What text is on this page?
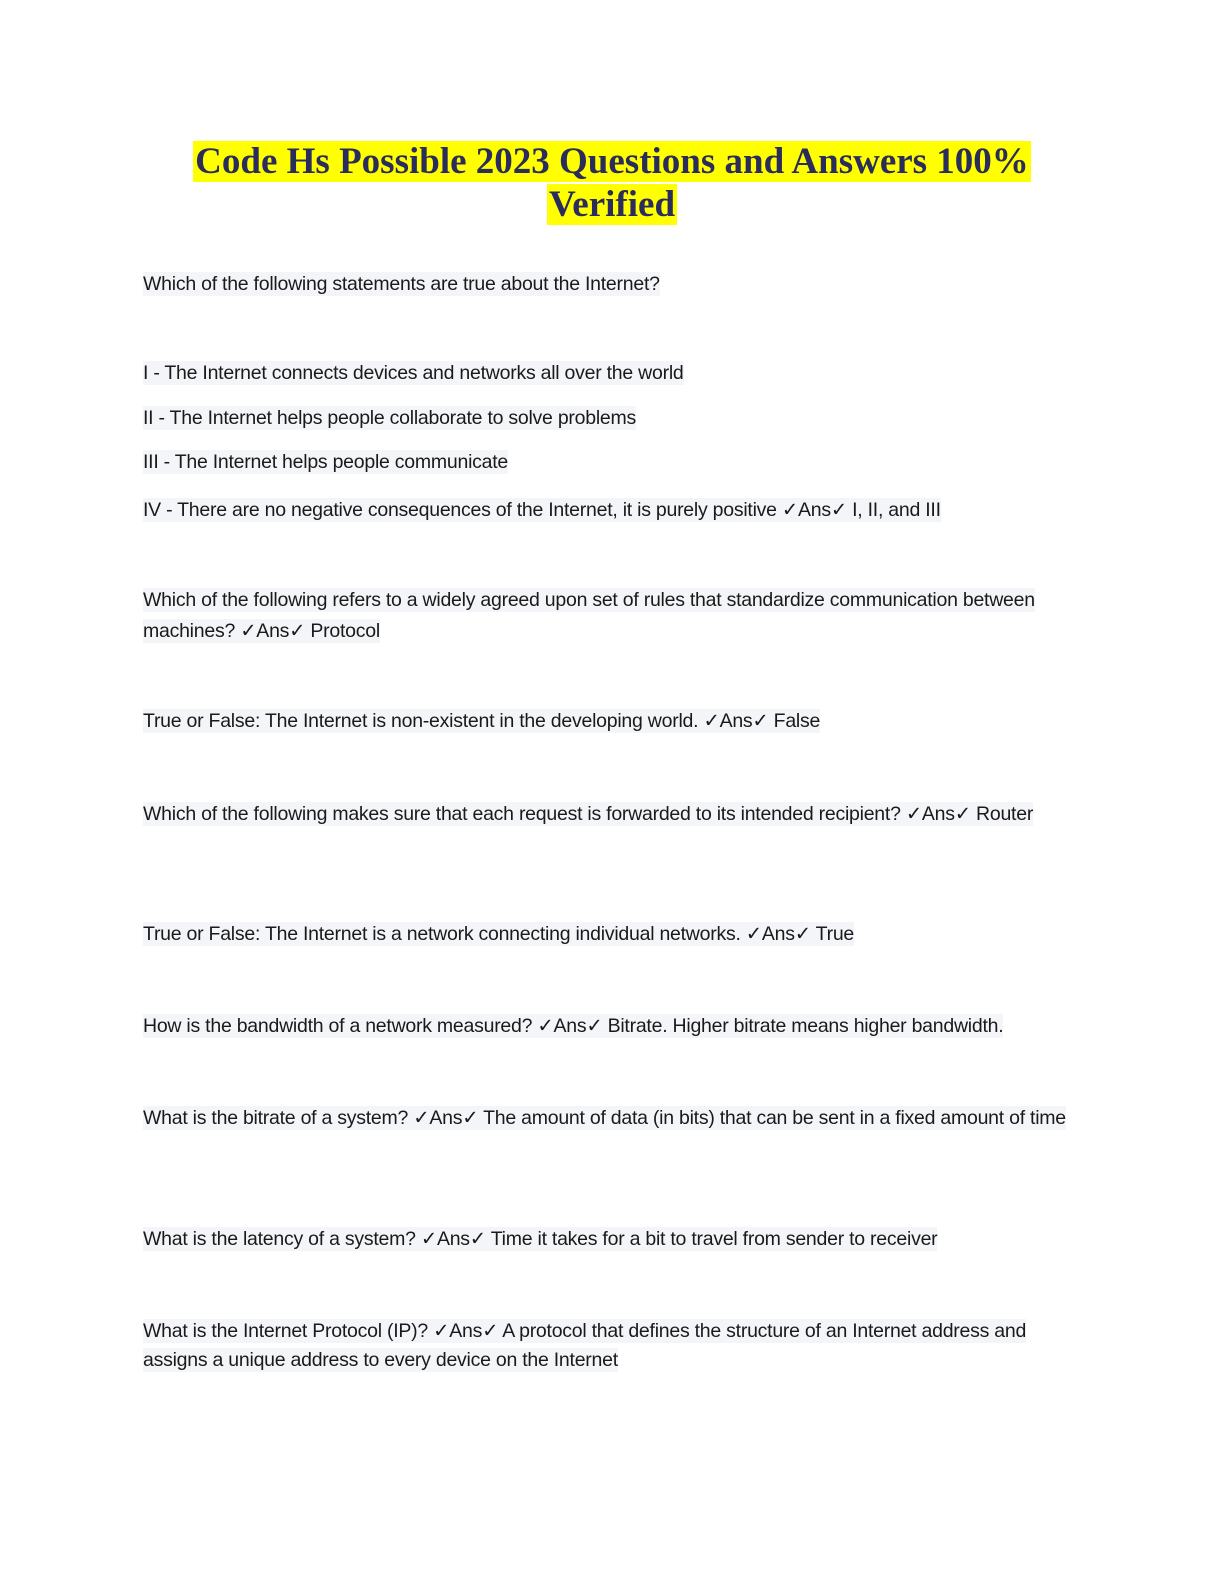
Code Hs Possible 2023 Questions and Answers 100%
Verified
Which of the following statements are true about the Internet?
I - The Internet connects devices and networks all over the world
II - The Internet helps people collaborate to solve problems
III - The Internet helps people communicate
IV - There are no negative consequences of the Internet, it is purely positive ✓Ans✓ I, II, and III
Which of the following refers to a widely agreed upon set of rules that standardize communication between machines? ✓Ans✓ Protocol
True or False: The Internet is non-existent in the developing world. ✓Ans✓ False
Which of the following makes sure that each request is forwarded to its intended recipient? ✓Ans✓ Router
True or False: The Internet is a network connecting individual networks. ✓Ans✓ True
How is the bandwidth of a network measured? ✓Ans✓ Bitrate. Higher bitrate means higher bandwidth.
What is the bitrate of a system? ✓Ans✓ The amount of data (in bits) that can be sent in a fixed amount of time
What is the latency of a system? ✓Ans✓ Time it takes for a bit to travel from sender to receiver
What is the Internet Protocol (IP)? ✓Ans✓ A protocol that defines the structure of an Internet address and assigns a unique address to every device on the Internet
